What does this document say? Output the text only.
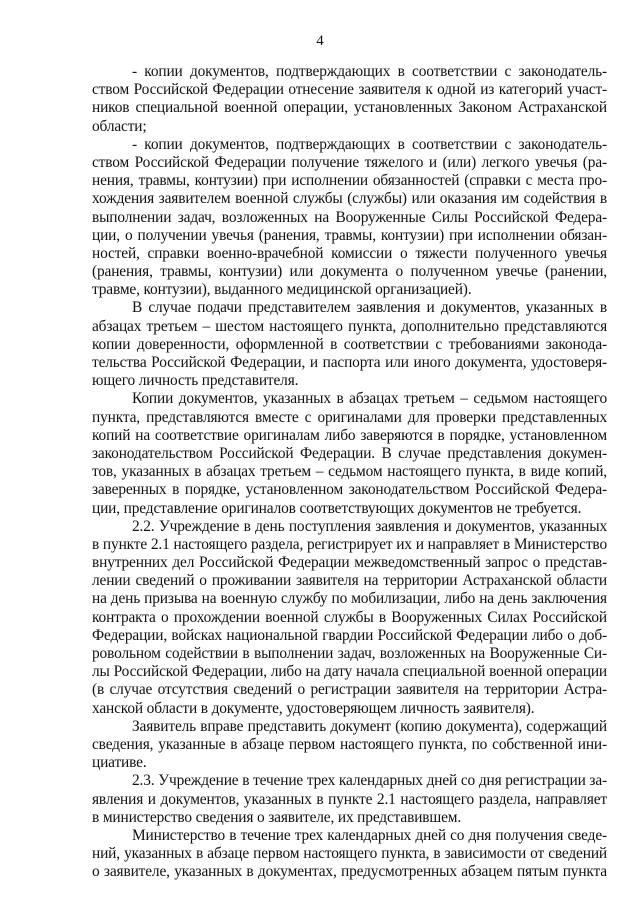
4
- копии документов, подтверждающих в соответствии с законодатель-
ством Российской Федерации отнесение заявителя к одной из категорий участ-
ников специальной военной операции, установленных Законом Астраханской
области;
- копии документов, подтверждающих в соответствии с законодатель-
ством Российской Федерации получение тяжелого и (или) легкого увечья (ра-
нения, травмы, контузии) при исполнении обязанностей (справки с места про-
хождения заявителем военной службы (службы) или оказания им содействия в
выполнении задач, возложенных на Вооруженные Силы Российской Федера-
ции, о получении увечья (ранения, травмы, контузии) при исполнении обязан-
ностей, справки военно-врачебной комиссии о тяжести полученного увечья
(ранения, травмы, контузии) или документа о полученном увечье (ранении,
травме, контузии), выданного медицинской организацией).
В случае подачи представителем заявления и документов, указанных в
абзацах третьем – шестом настоящего пункта, дополнительно представляются
копии доверенности, оформленной в соответствии с требованиями законода-
тельства Российской Федерации, и паспорта или иного документа, удостоверя-
ющего личность представителя.
Копии документов, указанных в абзацах третьем – седьмом настоящего
пункта, представляются вместе с оригиналами для проверки представленных
копий на соответствие оригиналам либо заверяются в порядке, установленном
законодательством Российской Федерации. В случае представления докумен-
тов, указанных в абзацах третьем – седьмом настоящего пункта, в виде копий,
заверенных в порядке, установленном законодательством Российской Федера-
ции, представление оригиналов соответствующих документов не требуется.
2.2. Учреждение в день поступления заявления и документов, указанных
в пункте 2.1 настоящего раздела, регистрирует их и направляет в Министерство
внутренних дел Российской Федерации межведомственный запрос о представ-
лении сведений о проживании заявителя на территории Астраханской области
на день призыва на военную службу по мобилизации, либо на день заключения
контракта о прохождении военной службы в Вооруженных Силах Российской
Федерации, войсках национальной гвардии Российской Федерации либо о доб-
ровольном содействии в выполнении задач, возложенных на Вооруженные Си-
лы Российской Федерации, либо на дату начала специальной военной операции
(в случае отсутствия сведений о регистрации заявителя на территории Астра-
ханской области в документе, удостоверяющем личность заявителя).
Заявитель вправе представить документ (копию документа), содержащий
сведения, указанные в абзаце первом настоящего пункта, по собственной ини-
циативе.
2.3. Учреждение в течение трех календарных дней со дня регистрации за-
явления и документов, указанных в пункте 2.1 настоящего раздела, направляет
в министерство сведения о заявителе, их представившем.
Министерство в течение трех календарных дней со дня получения сведе-
ний, указанных в абзаце первом настоящего пункта, в зависимости от сведений
о заявителе, указанных в документах, предусмотренных абзацем пятым пункта
